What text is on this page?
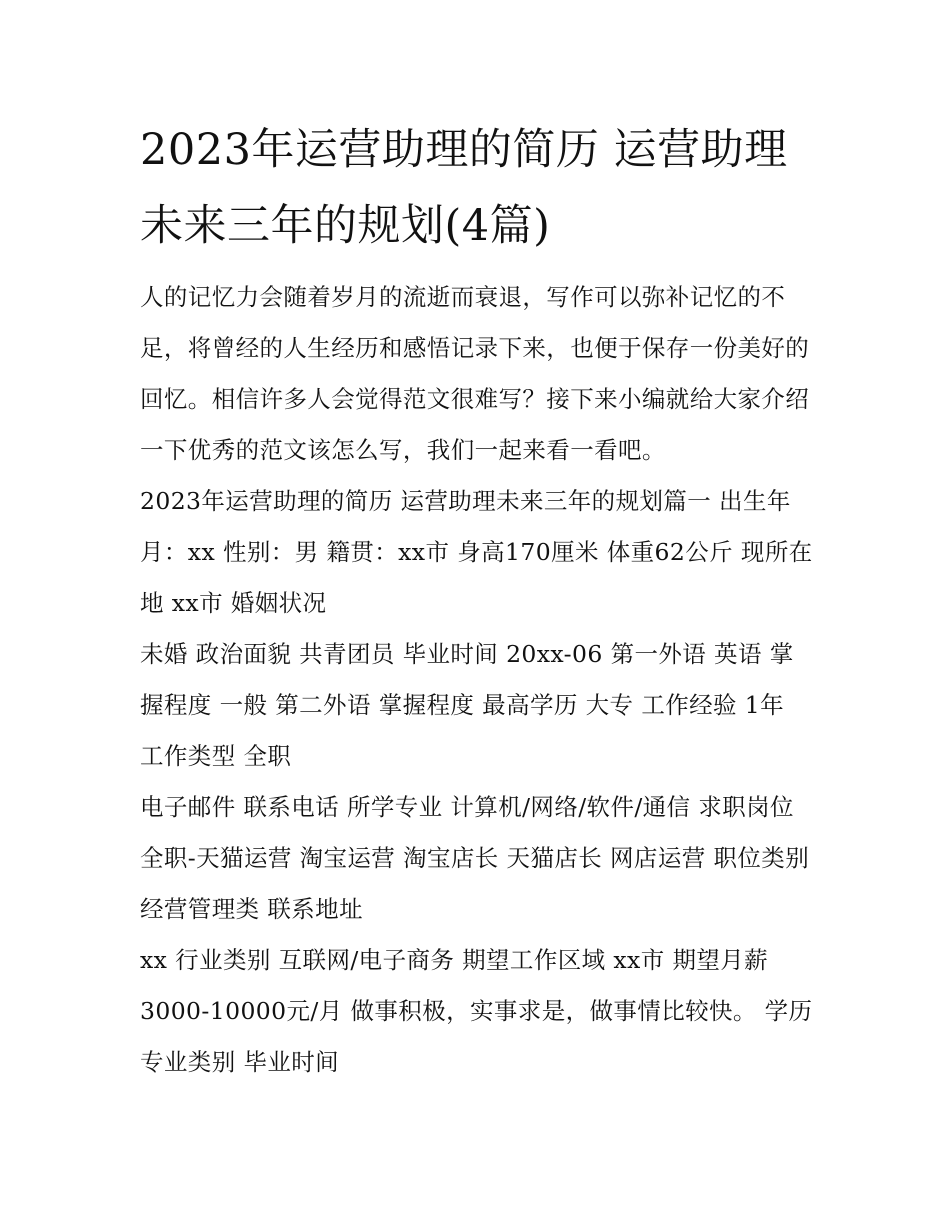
2023年运营助理的简历 运营助理未来三年的规划(4篇)

人的记忆力会随着岁月的流逝而衰退，写作可以弥补记忆的不足，将曾经的人生经历和感悟记录下来，也便于保存一份美好的回忆。相信许多人会觉得范文很难写？接下来小编就给大家介绍一下优秀的范文该怎么写，我们一起来看一看吧。

2023年运营助理的简历 运营助理未来三年的规划篇一 出生年月：xx 性别：男 籍贯：xx市 身高170厘米 体重62公斤 现所在地 xx市 婚姻状况

未婚 政治面貌 共青团员 毕业时间 20xx-06 第一外语 英语 掌握程度 一般 第二外语 掌握程度 最高学历 大专 工作经验 1年 工作类型 全职

电子邮件 联系电话 所学专业 计算机/网络/软件/通信 求职岗位 全职-天猫运营 淘宝运营 淘宝店长 天猫店长 网店运营 职位类别 经营管理类 联系地址

xx 行业类别 互联网/电子商务 期望工作区域 xx市 期望月薪 3000-10000元/月 做事积极，实事求是，做事情比较快。 学历 专业类别 毕业时间
